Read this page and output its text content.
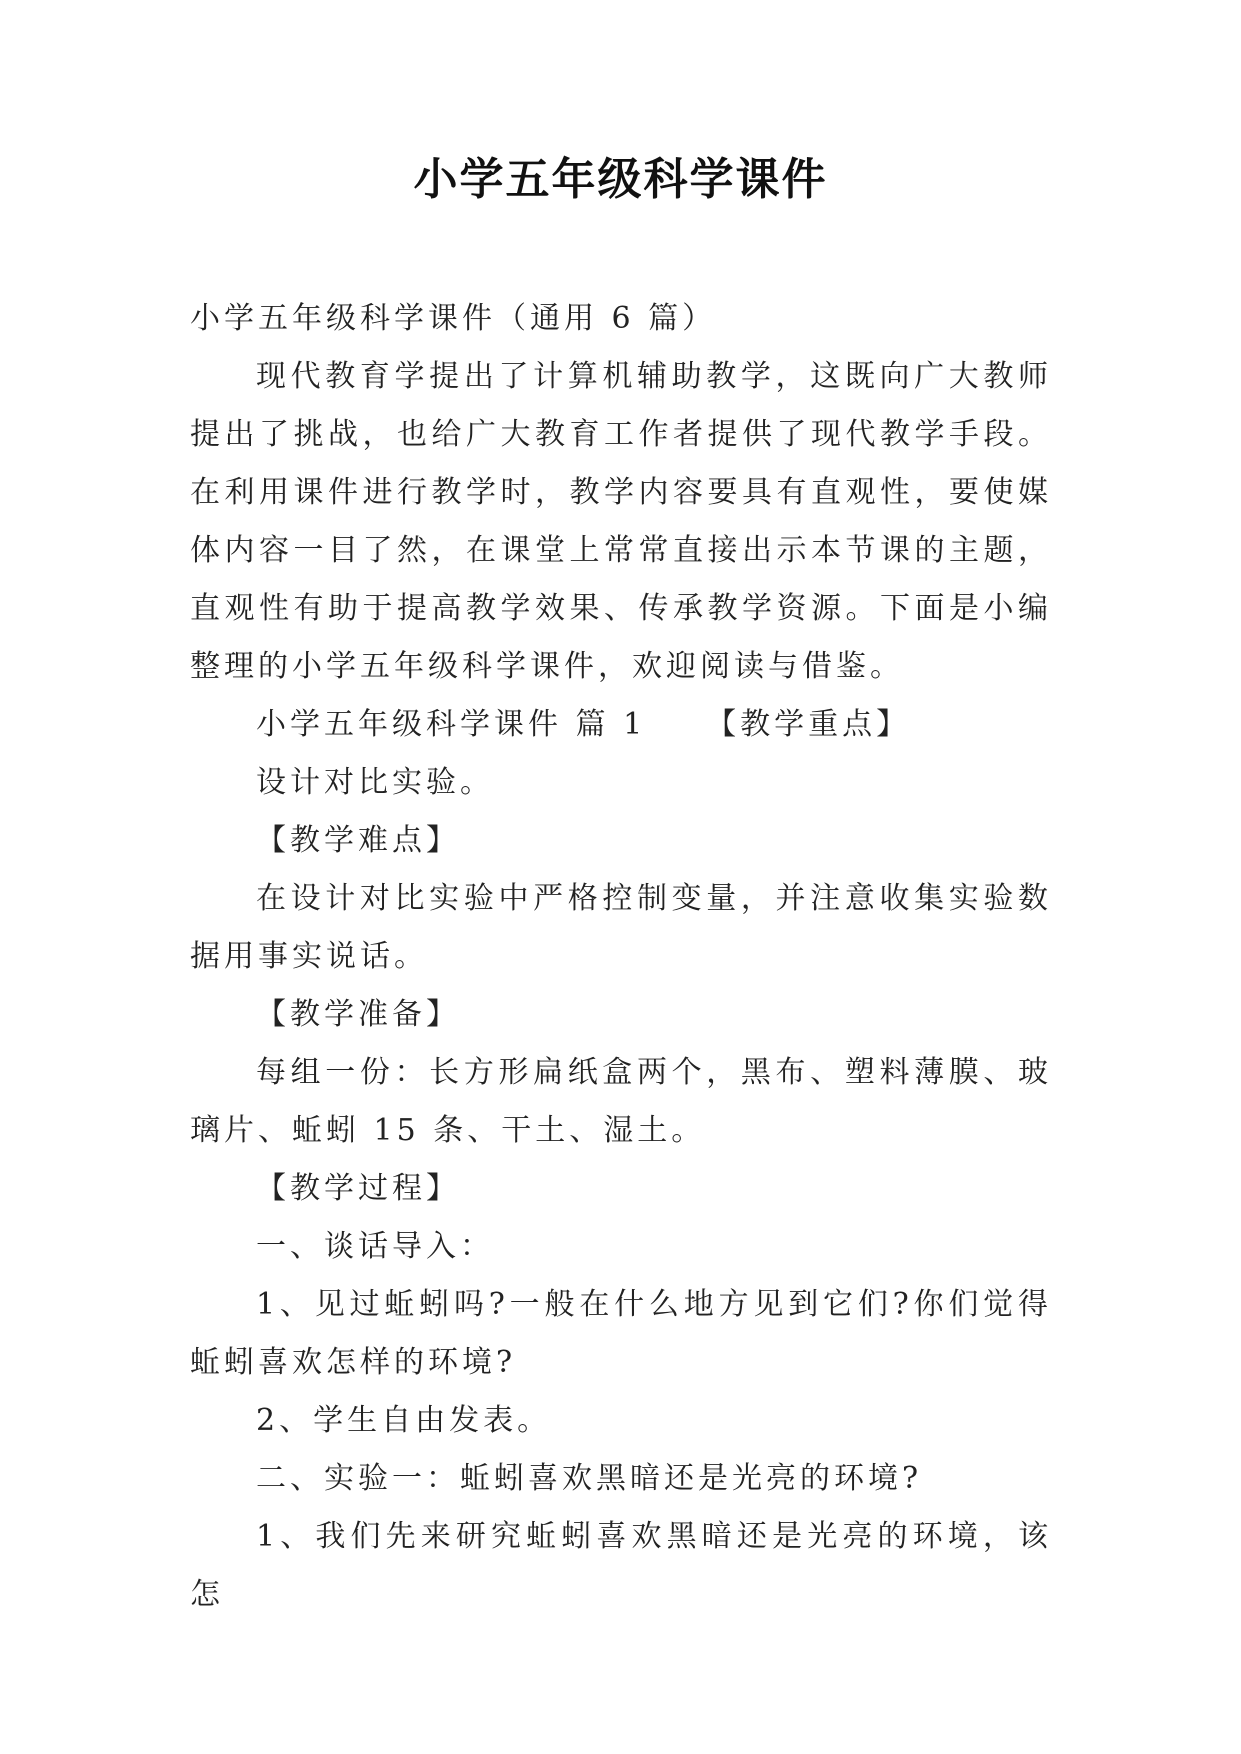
小学五年级科学课件

小学五年级科学课件（通用 6 篇）

现代教育学提出了计算机辅助教学，这既向广大教师提出了挑战，也给广大教育工作者提供了现代教学手段。在利用课件进行教学时，教学内容要具有直观性，要使媒体内容一目了然，在课堂上常常直接出示本节课的主题，直观性有助于提高教学效果、传承教学资源。下面是小编整理的小学五年级科学课件，欢迎阅读与借鉴。

小学五年级科学课件 篇 1 【教学重点】

设计对比实验。

【教学难点】

在设计对比实验中严格控制变量，并注意收集实验数据用事实说话。

【教学准备】

每组一份：长方形扁纸盒两个，黑布、塑料薄膜、玻璃片、蚯蚓 15 条、干土、湿土。

【教学过程】

一、谈话导入：

1、见过蚯蚓吗?一般在什么地方见到它们?你们觉得蚯蚓喜欢怎样的环境?

2、学生自由发表。

二、实验一：蚯蚓喜欢黑暗还是光亮的环境?

1、我们先来研究蚯蚓喜欢黑暗还是光亮的环境，该怎
